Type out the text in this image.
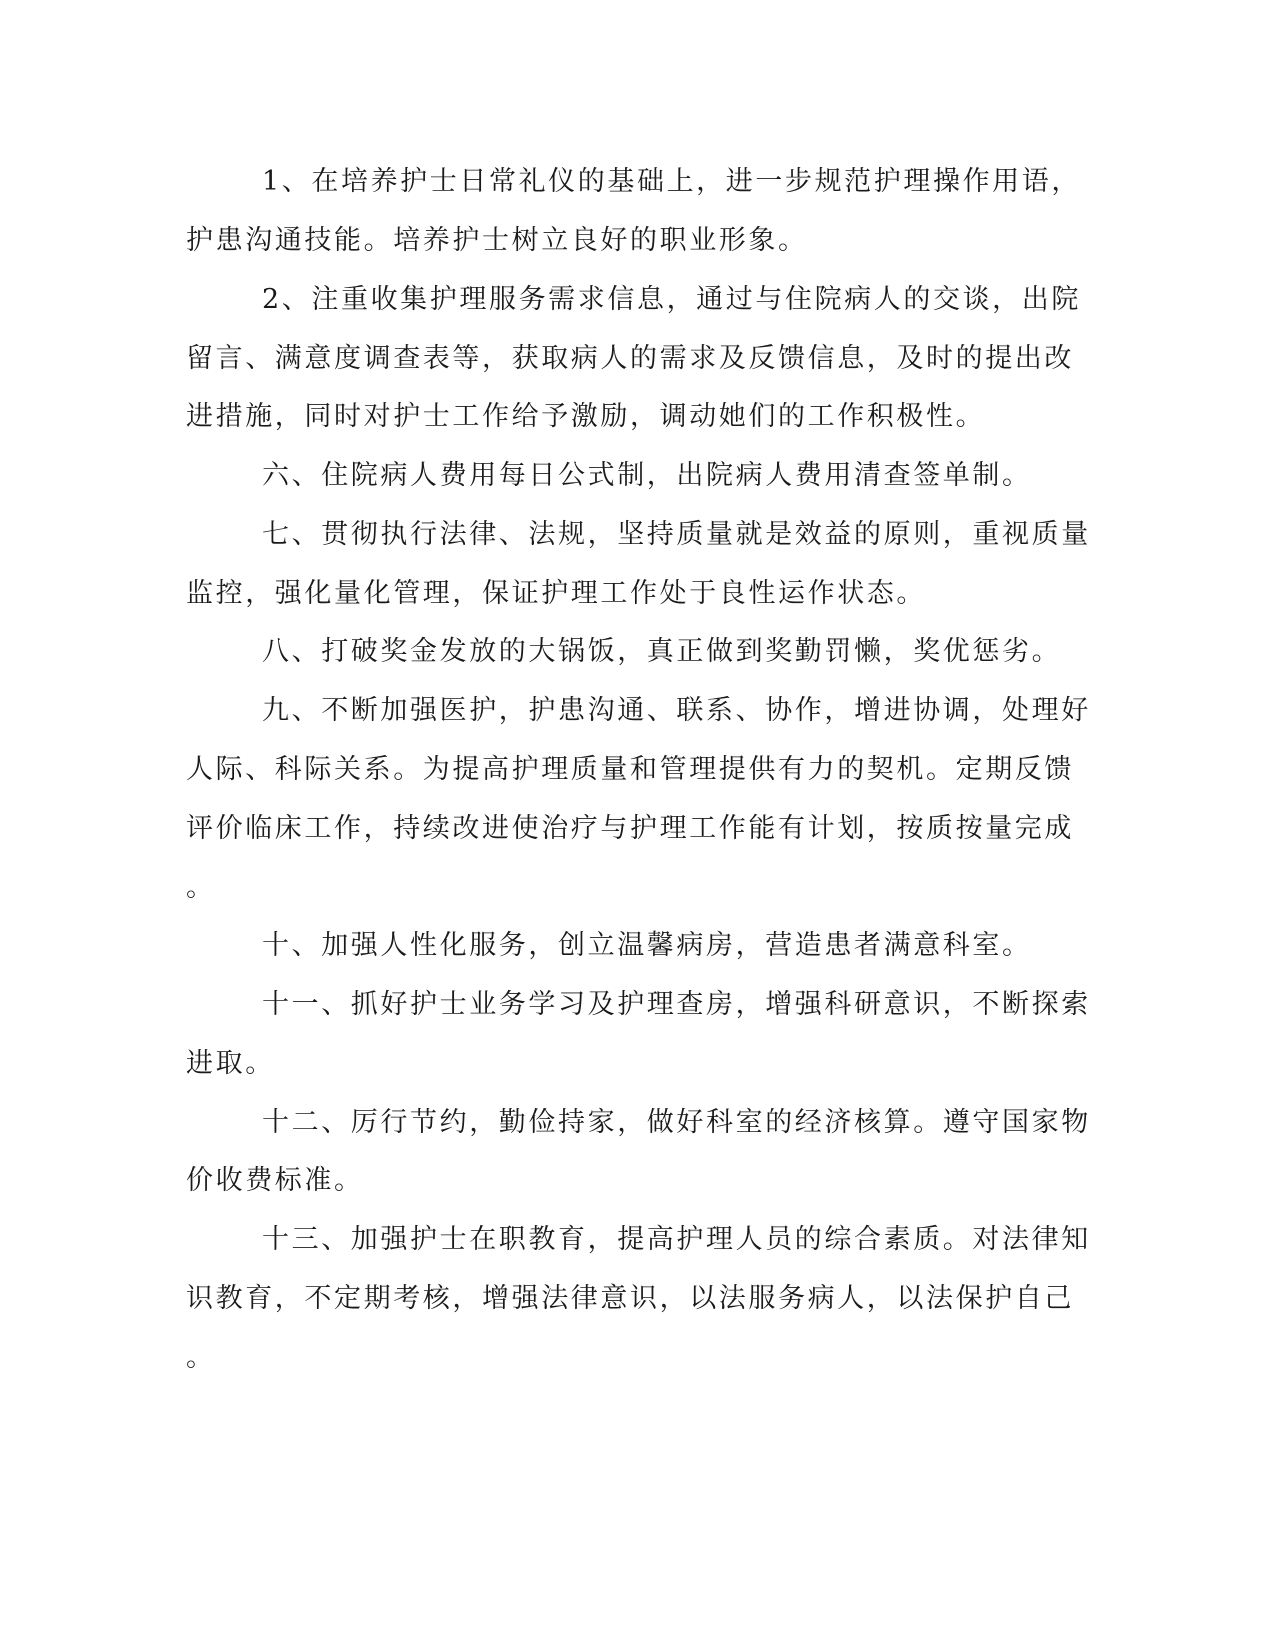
1、在培养护士日常礼仪的基础上，进一步规范护理操作用语，
护患沟通技能。培养护士树立良好的职业形象。
2、注重收集护理服务需求信息，通过与住院病人的交谈，出院
留言、满意度调查表等，获取病人的需求及反馈信息，及时的提出改
进措施，同时对护士工作给予激励，调动她们的工作积极性。
六、住院病人费用每日公式制，出院病人费用清查签单制。
七、贯彻执行法律、法规，坚持质量就是效益的原则，重视质量
监控，强化量化管理，保证护理工作处于良性运作状态。
八、打破奖金发放的大锅饭，真正做到奖勤罚懒，奖优惩劣。
九、不断加强医护，护患沟通、联系、协作，增进协调，处理好
人际、科际关系。为提高护理质量和管理提供有力的契机。定期反馈
评价临床工作，持续改进使治疗与护理工作能有计划，按质按量完成
。
十、加强人性化服务，创立温馨病房，营造患者满意科室。
十一、抓好护士业务学习及护理查房，增强科研意识，不断探索
进取。
十二、厉行节约，勤俭持家，做好科室的经济核算。遵守国家物
价收费标准。
十三、加强护士在职教育，提高护理人员的综合素质。对法律知
识教育，不定期考核，增强法律意识，以法服务病人，以法保护自己
。
